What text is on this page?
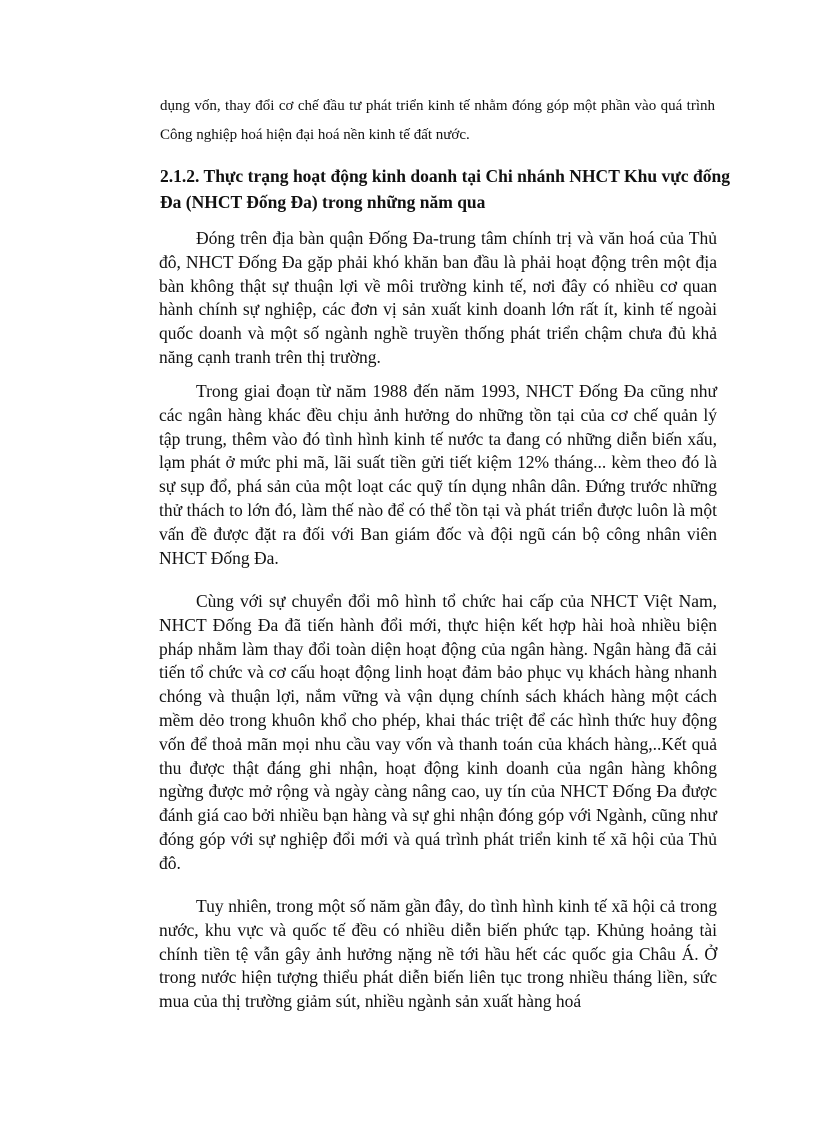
dụng vốn, thay đổi cơ chế đầu tư phát triển kinh tế nhằm đóng góp một phần vào quá trình Công nghiệp hoá hiện đại hoá nền kinh tế đất nước.

2.1.2. Thực trạng hoạt động kinh doanh tại Chi nhánh NHCT Khu vực đống Đa (NHCT Đống Đa) trong những năm qua

Đóng trên địa bàn quận Đống Đa-trung tâm chính trị và văn hoá của Thủ đô, NHCT Đống Đa gặp phải khó khăn ban đầu là phải hoạt động trên một địa bàn không thật sự thuận lợi về môi trường kinh tế, nơi đây có nhiều cơ quan hành chính sự nghiệp, các đơn vị sản xuất kinh doanh lớn rất ít, kinh tế ngoài quốc doanh và một số ngành nghề truyền thống phát triển chậm chưa đủ khả năng cạnh tranh trên thị trường.

Trong giai đoạn từ năm 1988 đến năm 1993, NHCT Đống Đa cũng như các ngân hàng khác đều chịu ảnh hưởng do những tồn tại của cơ chế quản lý tập trung, thêm vào đó tình hình kinh tế nước ta đang có những diễn biến xấu, lạm phát ở mức phi mã, lãi suất tiền gửi tiết kiệm 12% tháng... kèm theo đó là sự sụp đổ, phá sản của một loạt các quỹ tín dụng nhân dân. Đứng trước những thử thách to lớn đó, làm thế nào để có thể tồn tại và phát triển được luôn là một vấn đề được đặt ra đối với Ban giám đốc và đội ngũ cán bộ công nhân viên NHCT Đống Đa.

Cùng với sự chuyển đổi mô hình tổ chức hai cấp của NHCT Việt Nam, NHCT Đống Đa đã tiến hành đổi mới, thực hiện kết hợp hài hoà nhiều biện pháp nhằm làm thay đổi toàn diện hoạt động của ngân hàng. Ngân hàng đã cải tiến tổ chức và cơ cấu hoạt động linh hoạt đảm bảo phục vụ khách hàng nhanh chóng và thuận lợi, nắm vững và vận dụng chính sách khách hàng một cách mềm dẻo trong khuôn khổ cho phép, khai thác triệt để các hình thức huy động vốn để thoả mãn mọi nhu cầu vay vốn và thanh toán của khách hàng,..Kết quả thu được thật đáng ghi nhận, hoạt động kinh doanh của ngân hàng không ngừng được mở rộng và ngày càng nâng cao, uy tín của NHCT Đống Đa được đánh giá cao bởi nhiều bạn hàng và sự ghi nhận đóng góp với Ngành, cũng như đóng góp với sự nghiệp đổi mới và quá trình phát triển kinh tế xã hội của Thủ đô.

Tuy nhiên, trong một số năm gần đây, do tình hình kinh tế xã hội cả trong nước, khu vực và quốc tế đều có nhiều diễn biến phức tạp. Khủng hoảng tài chính tiền tệ vẫn gây ảnh hưởng nặng nề tới hầu hết các quốc gia Châu Á. Ở trong nước hiện tượng thiểu phát diễn biến liên tục trong nhiều tháng liền, sức mua của thị trường giảm sút, nhiều ngành sản xuất hàng hoá
